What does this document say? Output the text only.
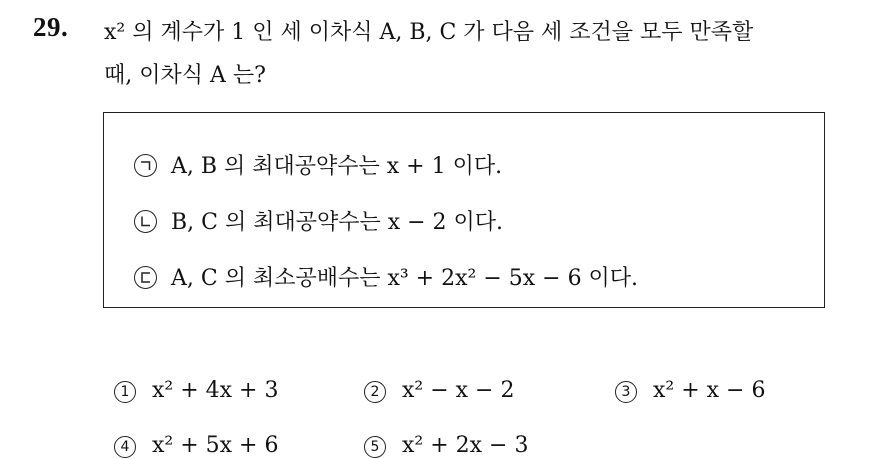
29. x² 의 계수가 1 인 세 이차식 A, B, C 가 다음 세 조건을 모두 만족할
때, 이차식 A 는?
A, B 의 최대공약수는 x + 1 이다.
B, C 의 최대공약수는 x − 2 이다.
A, C 의 최소공배수는 x³ + 2x² − 5x − 6 이다.
1 x² + 4x + 3	2 x² − x − 2	3 x² + x − 6
4 x² + 5x + 6	5 x² + 2x − 3
